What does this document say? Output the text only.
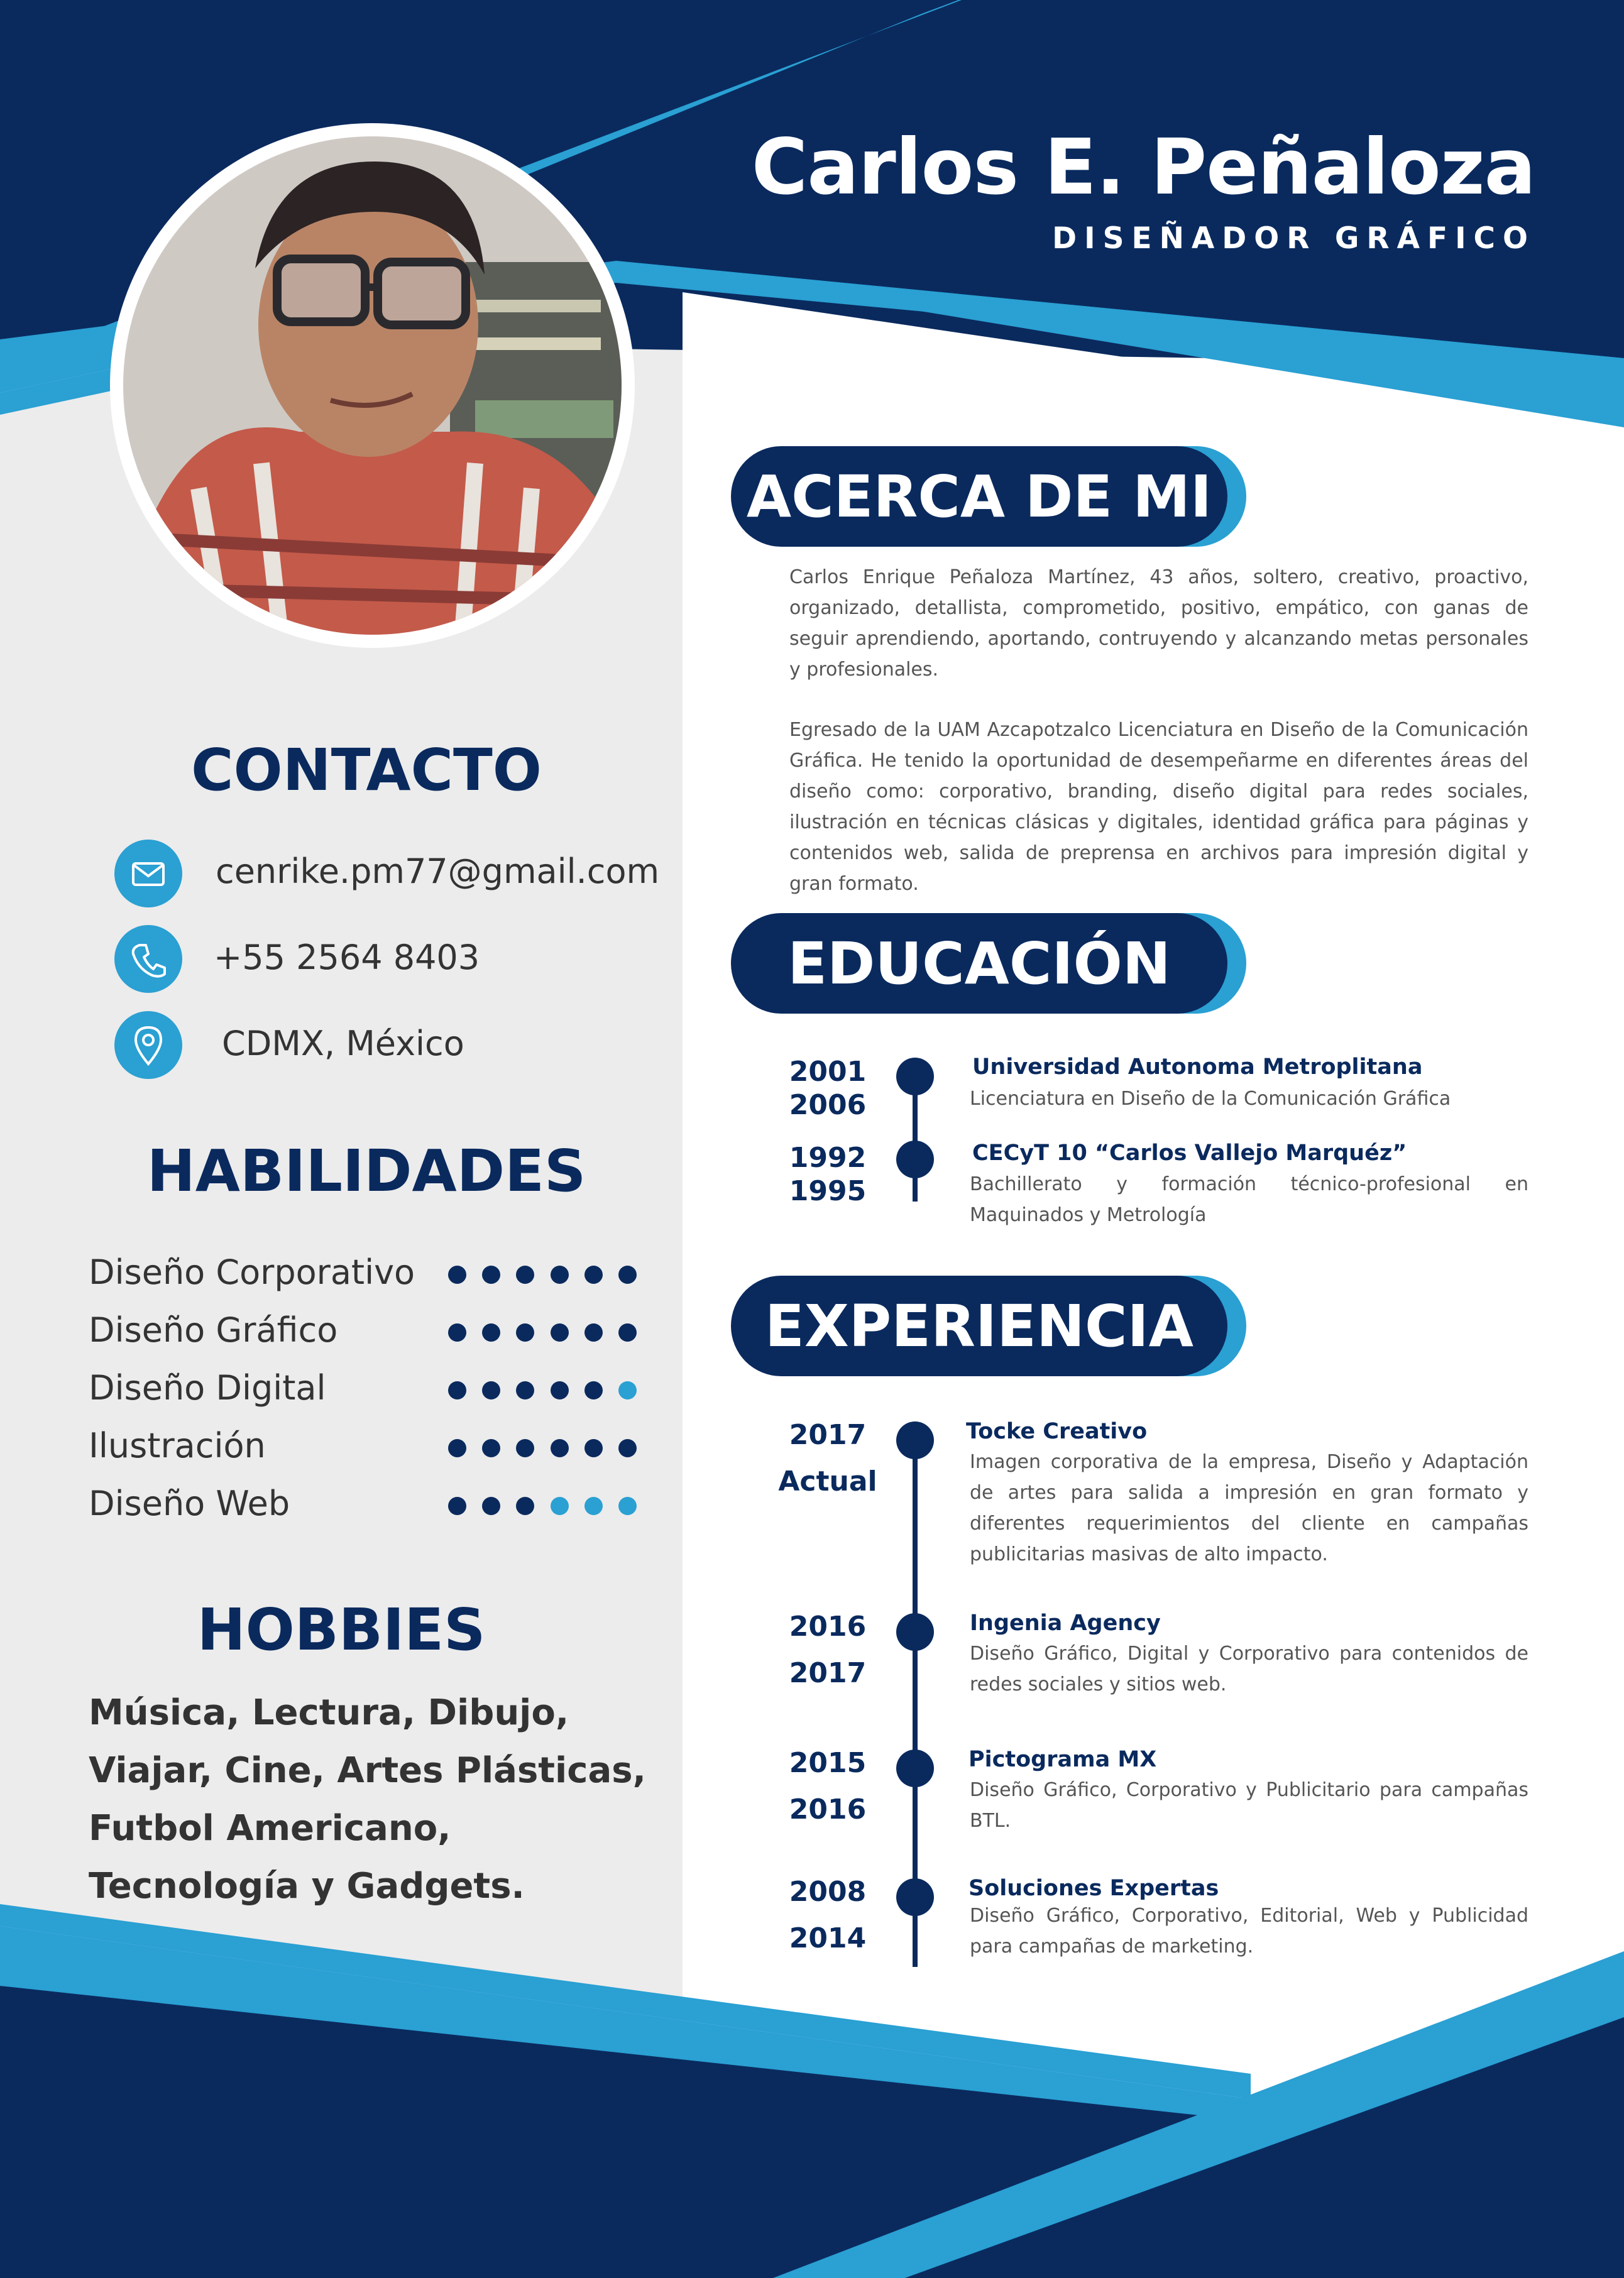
Carlos E. Peñaloza
DISEÑADOR GRÁFICO
CONTACTO
cenrike.pm77@gmail.com
+55 2564 8403
CDMX, México
HABILIDADES
Diseño Corporativo
Diseño Gráfico
Diseño Digital
Ilustración
Diseño Web
HOBBIES
Música, Lectura, Dibujo, Viajar, Cine, Artes Plásticas, Futbol Americano, Tecnología y Gadgets.
ACERCA DE MI
Carlos Enrique Peñaloza Martínez, 43 años, soltero, creativo, proactivo, organizado, detallista, comprometido, positivo, empático, con ganas de seguir aprendiendo, aportando, contruyendo y alcanzando metas personales y profesionales.
Egresado de la UAM Azcapotzalco Licenciatura en Diseño de la Comunicación Gráfica. He tenido la oportunidad de desempeñarme en diferentes áreas del diseño como: corporativo, branding, diseño digital para redes sociales, ilustración en técnicas clásicas y digitales, identidad gráfica para páginas y contenidos web, salida de preprensa en archivos para impresión digital y gran formato.
EDUCACIÓN
2001
2006
Universidad Autonoma Metroplitana
Licenciatura en Diseño de la Comunicación Gráfica
1992
1995
CECyT 10 “Carlos Vallejo Marquéz”
Bachillerato y formación técnico-profesional en Maquinados y Metrología
EXPERIENCIA
2017
Actual
Tocke Creativo
Imagen corporativa de la empresa, Diseño y Adaptación de artes para salida a impresión en gran formato y diferentes requerimientos del cliente en campañas publicitarias masivas de alto impacto.
2016
2017
Ingenia Agency
Diseño Gráfico, Digital y Corporativo para contenidos de redes sociales y sitios web.
2015
2016
Pictograma MX
Diseño Gráfico, Corporativo y Publicitario para campañas BTL.
2008
2014
Soluciones Expertas
Diseño Gráfico, Corporativo, Editorial, Web y Publicidad para campañas de marketing.
